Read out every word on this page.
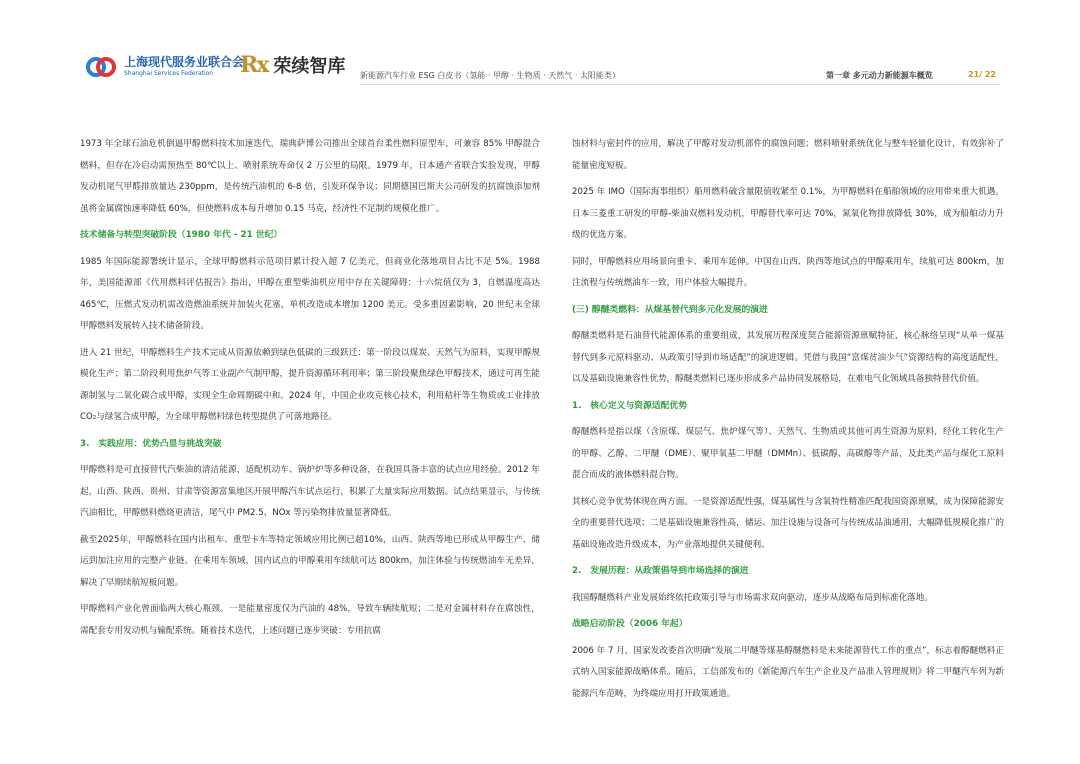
上海现代服务业联合会
Shanghai Services Federation	Rx 荣续智库 新能源汽车行业 ESG 白皮书（氢能 · 甲醇 · 生物质 · 天然气 · 太阳能类）	第一章 多元动力新能源车概览	21/ 22

1973 年全球石油危机倒逼甲醇燃料技术加速迭代，瑞典萨博公司推出全球首台柔性燃料原型车，可兼容 85% 甲醇混合燃料，但存在冷启动需预热至 80℃以上、喷射系统寿命仅 2 万公里的局限。1979 年，日本通产省联合实验发现，甲醇发动机尾气甲醛排放量达 230ppm，是传统汽油机的 6-8 倍，引发环保争议；同期德国巴斯夫公司研发的抗腐蚀添加剂虽将金属腐蚀速率降低 60%，但使燃料成本每升增加 0.15 马克，经济性不足制约规模化推广。

技术储备与转型突破阶段（1980 年代 - 21 世纪）

1985 年国际能源署统计显示，全球甲醇燃料示范项目累计投入超 7 亿美元，但商业化落地项目占比不足 5%。1988 年，美国能源部《代用燃料评估报告》指出，甲醇在重型柴油机应用中存在关键障碍：十六烷值仅为 3，自燃温度高达 465℃，压燃式发动机需改造燃油系统并加装火花塞，单机改造成本增加 1200 美元。受多重因素影响，20 世纪末全球甲醇燃料发展转入技术储备阶段。

进入 21 世纪，甲醇燃料生产技术完成从资源依赖到绿色低碳的三级跃迁：第一阶段以煤炭、天然气为原料，实现甲醇规模化生产；第二阶段利用焦炉气等工业副产气制甲醇，提升资源循环利用率；第三阶段聚焦绿色甲醇技术，通过可再生能源制氢与二氧化碳合成甲醇，实现全生命周期碳中和。2024 年，中国企业攻克核心技术，利用秸秆等生物质或工业排放 CO₂与绿氢合成甲醇，为全球甲醇燃料绿色转型提供了可落地路径。

3.　实践应用：优势凸显与挑战突破

甲醇燃料是可直接替代汽柴油的清洁能源，适配机动车、锅炉炉等多种设备，在我国具备丰富的试点应用经验。2012 年起，山西、陕西、贵州、甘肃等资源富集地区开展甲醇汽车试点运行，积累了大量实际应用数据。试点结果显示，与传统汽油相比，甲醇燃料燃烧更清洁，尾气中 PM2.5、NOx 等污染物排放量显著降低。

截至2025年，甲醇燃料在国内出租车、重型卡车等特定领域应用比例已超10%，山西、陕西等地已形成从甲醇生产、储运到加注应用的完整产业链。在乘用车领域，国内试点的甲醇乘用车续航可达 800km，加注体验与传统燃油车无差异，解决了早期续航短板问题。

甲醇燃料产业化曾面临两大核心瓶颈。一是能量密度仅为汽油的 48%，导致车辆续航短；二是对金属材料存在腐蚀性，需配套专用发动机与输配系统。随着技术迭代，上述问题已逐步突破：专用抗腐

蚀材料与密封件的应用，解决了甲醇对发动机部件的腐蚀问题；燃料喷射系统优化与整车轻量化设计，有效弥补了能量密度短板。

2025 年 IMO（国际海事组织）船用燃料硫含量限值收紧至 0.1%，为甲醇燃料在船舶领域的应用带来重大机遇。日本三菱重工研发的甲醇-柴油双燃料发动机，甲醇替代率可达 70%，氮氧化物排放降低 30%，成为船舶动力升级的优选方案。

同时，甲醇燃料应用场景向重卡、乘用车延伸。中国在山西、陕西等地试点的甲醇乘用车，续航可达 800km，加注流程与传统燃油车一致，用户体验大幅提升。

(三) 醇醚类燃料：从煤基替代到多元化发展的演进

醇醚类燃料是石油替代能源体系的重要组成，其发展历程深度契合能源资源禀赋特征，核心脉络呈现“从单一煤基替代到多元原料驱动、从政策引导到市场适配”的演进逻辑。凭借与我国“富煤贫油少气”资源结构的高度适配性，以及基础设施兼容性优势，醇醚类燃料已逐步形成多产品协同发展格局，在难电气化领域具备独特替代价值。

1.　核心定义与资源适配优势

醇醚燃料是指以煤（含原煤、煤层气、焦炉煤气等）、天然气、生物质或其他可再生资源为原料，经化工转化生产的甲醇、乙醇、二甲醚（DME）、聚甲氧基二甲醚（DMMn）、低碳醇、高碳醇等产品，及此类产品与煤化工原料混合而成的液体燃料混合物。

其核心竞争优势体现在两方面。一是资源适配性强，煤基属性与含氧特性精准匹配我国资源禀赋，成为保障能源安全的重要替代选项；二是基础设施兼容性高，储运、加注设施与设备可与传统成品油通用，大幅降低规模化推广的基础设施改造升级成本，为产业落地提供关键便利。

2.　发展历程：从政策倡导到市场选择的演进

我国醇醚燃料产业发展始终依托政策引导与市场需求双向驱动，逐步从战略布局到标准化落地。

战略启动阶段（2006 年起）

2006 年 7 月，国家发改委首次明确“发展二甲醚等煤基醇醚燃料是未来能源替代工作的重点”，标志着醇醚燃料正式纳入国家能源战略体系。随后，工信部发布的《新能源汽车生产企业及产品准入管理规则》将二甲醚汽车列为新能源汽车范畴，为终端应用打开政策通道。
